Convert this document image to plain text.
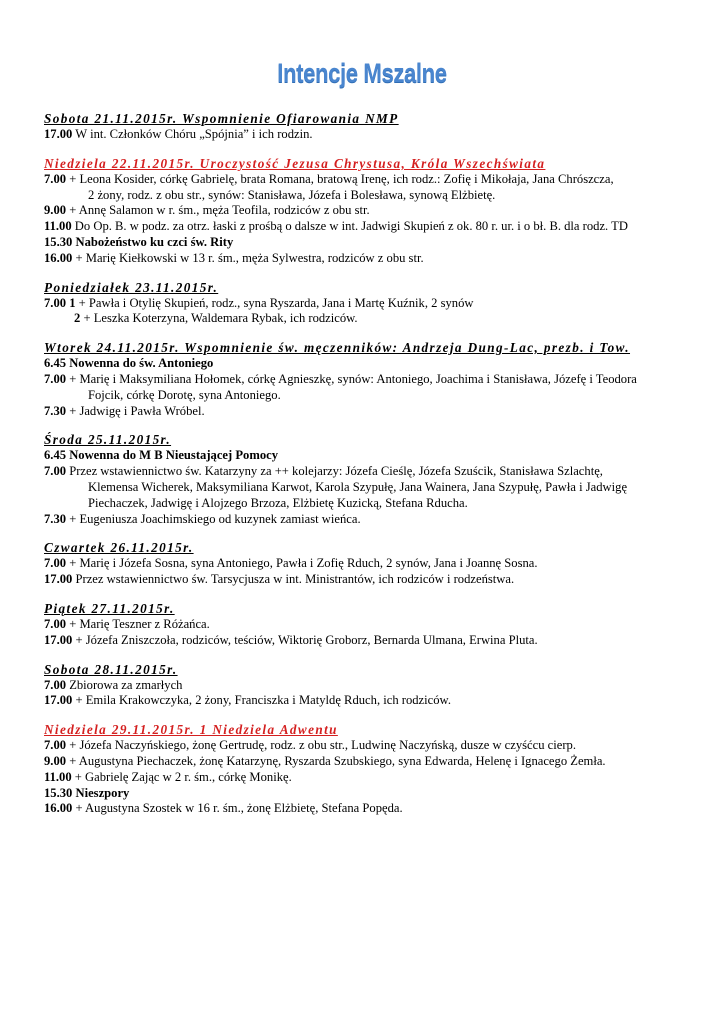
Intencje Mszalne
Sobota 21.11.2015r. Wspomnienie Ofiarowania NMP
17.00 W int. Członków Chóru „Spójnia” i ich rodzin.
Niedziela 22.11.2015r. Uroczystość Jezusa Chrystusa, Króla Wszechświata
7.00 + Leona Kosider, córkę Gabrielę, brata Romana, bratową Irenę, ich rodz.: Zofię i Mikołaja, Jana Chrószcza,
2 żony, rodz. z obu str., synów: Stanisława, Józefa i Bolesława, synową Elżbietę.
9.00 + Annę Salamon w r. śm., męża Teofila, rodziców z obu str.
11.00 Do Op. B. w podz. za otrz. łaski z prośbą o dalsze w int. Jadwigi Skupień z ok. 80 r. ur. i o bł. B. dla rodz. TD
15.30 Nabożeństwo ku czci św. Rity
16.00 + Marię Kiełkowski w 13 r. śm., męża Sylwestra, rodziców z obu str.
Poniedziałek 23.11.2015r.
7.00 1 + Pawła i Otylię Skupień, rodz., syna Ryszarda, Jana i Martę Kuźnik, 2 synów
2 + Leszka Koterzyna, Waldemara Rybak, ich rodziców.
Wtorek 24.11.2015r. Wspomnienie św. męczenników: Andrzeja Dung-Lac, prezb. i Tow.
6.45 Nowenna do św. Antoniego
7.00 + Marię i Maksymiliana Hołomek, córkę Agnieszkę, synów: Antoniego, Joachima i Stanisława, Józefę i Teodora
Fojcik, córkę Dorotę, syna Antoniego.
7.30 + Jadwigę i Pawła Wróbel.
Środa 25.11.2015r.
6.45 Nowenna do M B Nieustającej Pomocy
7.00 Przez wstawiennictwo św. Katarzyny za ++ kolejarzy: Józefa Cieślę, Józefa Szuścik, Stanisława Szlachtę,
Klemensa Wicherek, Maksymiliana Karwot, Karola Szypułę, Jana Wainera, Jana Szypułę, Pawła i Jadwigę
Piechaczek, Jadwigę i Alojzego Brzoza, Elżbietę Kuzicką, Stefana Rducha.
7.30 + Eugeniusza Joachimskiego od kuzynek zamiast wieńca.
Czwartek 26.11.2015r.
7.00 + Marię i Józefa Sosna, syna Antoniego, Pawła i Zofię Rduch, 2 synów, Jana i Joannę Sosna.
17.00 Przez wstawiennictwo św. Tarsycjusza w int. Ministrantów, ich rodziców i rodzeństwa.
Piątek 27.11.2015r.
7.00 + Marię Teszner z Różańca.
17.00 + Józefa Zniszczoła, rodziców, teściów, Wiktorię Groborz, Bernarda Ulmana, Erwina Pluta.
Sobota 28.11.2015r.
7.00 Zbiorowa za zmarłych
17.00 + Emila Krakowczyka, 2 żony, Franciszka i Matyldę Rduch, ich rodziców.
Niedziela 29.11.2015r. 1 Niedziela Adwentu
7.00 + Józefa Naczyńskiego, żonę Gertrudę, rodz. z obu str., Ludwinę Naczyńską, dusze w czyśćcu cierp.
9.00 + Augustyna Piechaczek, żonę Katarzynę, Ryszarda Szubskiego, syna Edwarda, Helenę i Ignacego Żemła.
11.00 + Gabrielę Zając w 2 r. śm., córkę Monikę.
15.30 Nieszpory
16.00 + Augustyna Szostek w 16 r. śm., żonę Elżbietę, Stefana Popęda.
